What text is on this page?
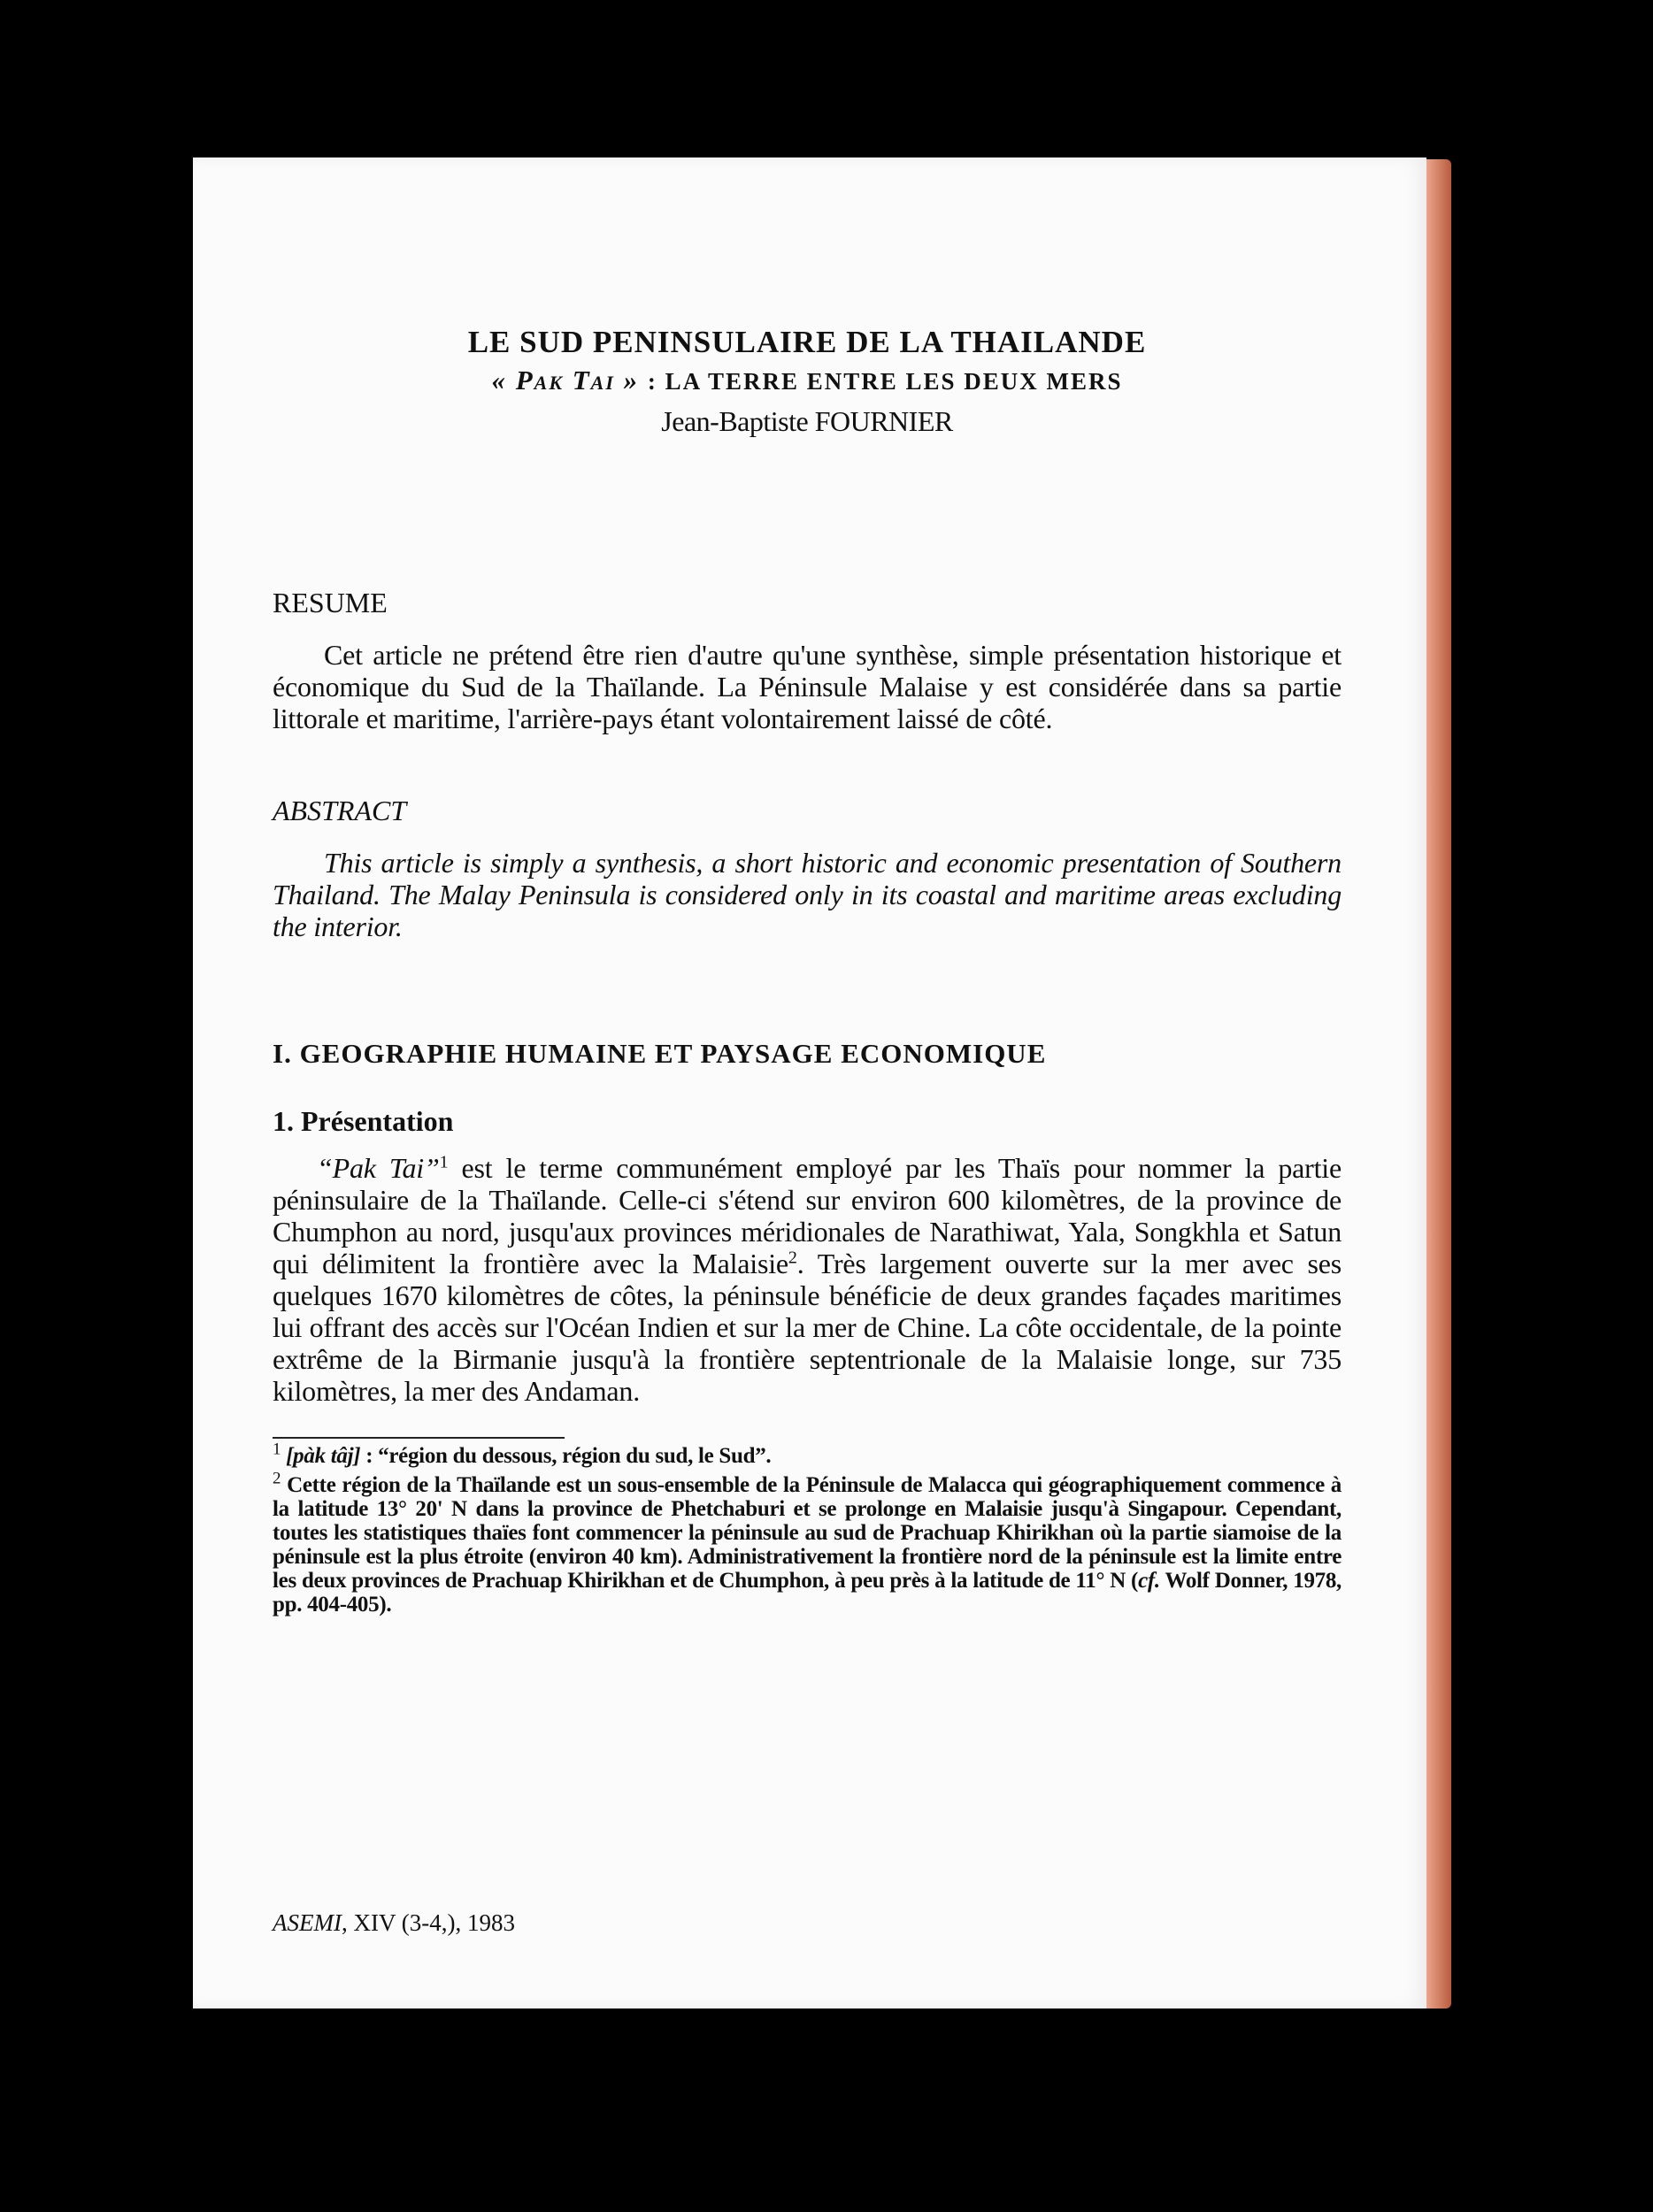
LE SUD PENINSULAIRE DE LA THAILANDE

« Pak Tai » : LA TERRE ENTRE LES DEUX MERS

Jean-Baptiste FOURNIER

RESUME

Cet article ne prétend être rien d'autre qu'une synthèse, simple présentation historique et économique du Sud de la Thaïlande. La Péninsule Malaise y est considérée dans sa partie littorale et maritime, l'arrière-pays étant volontairement laissé de côté.

ABSTRACT

This article is simply a synthesis, a short historic and economic presentation of Southern Thailand. The Malay Peninsula is considered only in its coastal and maritime areas excluding the interior.

I. GEOGRAPHIE HUMAINE ET PAYSAGE ECONOMIQUE

1. Présentation

“Pak Tai”$^1$ est le terme communément employé par les Thaïs pour nommer la partie péninsulaire de la Thaïlande. Celle-ci s'étend sur environ 600 kilomètres, de la province de Chumphon au nord, jusqu'aux provinces méridionales de Narathiwat, Yala, Songkhla et Satun qui délimitent la frontière avec la Malaisie$^2$. Très largement ouverte sur la mer avec ses quelques 1670 kilomètres de côtes, la péninsule bénéficie de deux grandes façades maritimes lui offrant des accès sur l'Océan Indien et sur la mer de Chine. La côte occidentale, de la pointe extrême de la Birmanie jusqu'à la frontière septentrionale de la Malaisie longe, sur 735 kilomètres, la mer des Andaman.

$^1$ [pàk tâj] : “région du dessous, région du sud, le Sud”.

$^2$ Cette région de la Thaïlande est un sous-ensemble de la Péninsule de Malacca qui géographiquement commence à la latitude 13° 20' N dans la province de Phetchaburi et se prolonge en Malaisie jusqu'à Singapour. Cependant, toutes les statistiques thaïes font commencer la péninsule au sud de Prachuap Khirikhan où la partie siamoise de la péninsule est la plus étroite (environ 40 km). Administrativement la frontière nord de la péninsule est la limite entre les deux provinces de Prachuap Khirikhan et de Chumphon, à peu près à la latitude de 11° N (cf. Wolf Donner, 1978, pp. 404-405).

ASEMI, XIV (3-4,), 1983
